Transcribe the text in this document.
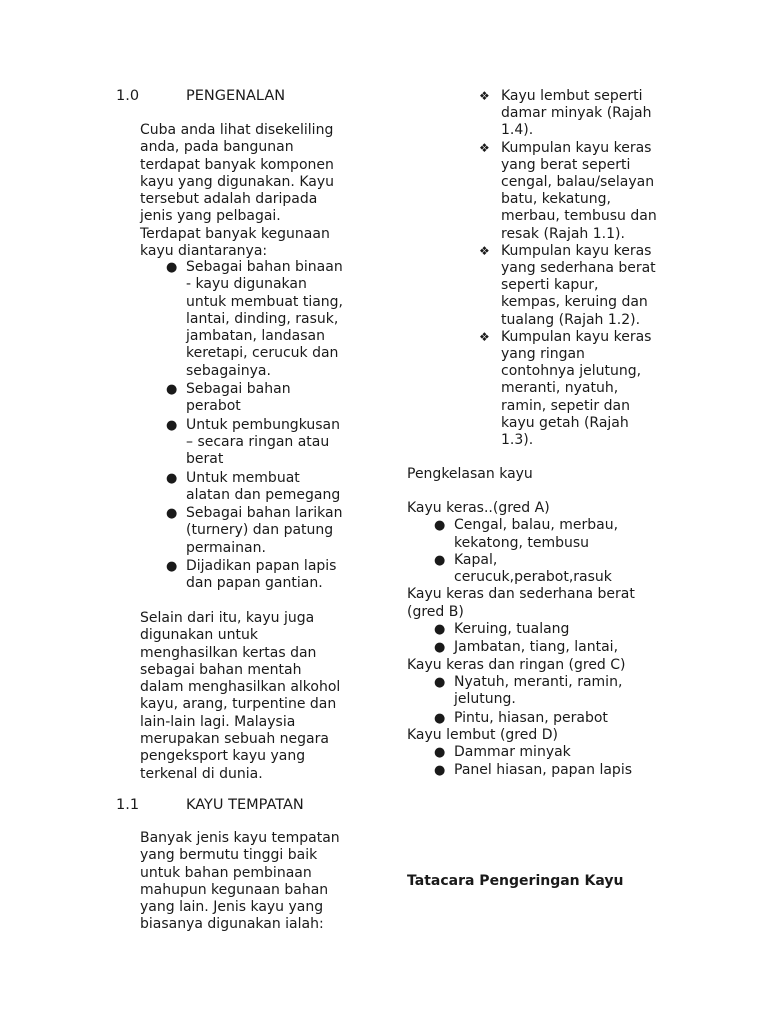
1.0	PENGENALAN

Cuba anda lihat disekeliling
anda, pada bangunan
terdapat banyak komponen
kayu yang digunakan. Kayu
tersebut adalah daripada
jenis yang pelbagai.
Terdapat banyak kegunaan
kayu diantaranya:

● Sebagai bahan binaan
- kayu digunakan
untuk membuat tiang,
lantai, dinding, rasuk,
jambatan, landasan
keretapi, cerucuk dan
sebagainya.
● Sebagai bahan
perabot
● Untuk pembungkusan
– secara ringan atau
berat
● Untuk membuat
alatan dan pemegang
● Sebagai bahan larikan
(turnery) dan patung
permainan.
● Dijadikan papan lapis
dan papan gantian.

Selain dari itu, kayu juga
digunakan untuk
menghasilkan kertas dan
sebagai bahan mentah
dalam menghasilkan alkohol
kayu, arang, turpentine dan
lain-lain lagi. Malaysia
merupakan sebuah negara
pengeksport kayu yang
terkenal di dunia.

1.1	KAYU TEMPATAN

Banyak jenis kayu tempatan
yang bermutu tinggi baik
untuk bahan pembinaan
mahupun kegunaan bahan
yang lain. Jenis kayu yang
biasanya digunakan ialah:

❖ Kayu lembut seperti
damar minyak (Rajah
1.4).
❖ Kumpulan kayu keras
yang berat seperti
cengal, balau/selayan
batu, kekatung,
merbau, tembusu dan
resak (Rajah 1.1).
❖ Kumpulan kayu keras
yang sederhana berat
seperti kapur,
kempas, keruing dan
tualang (Rajah 1.2).
❖ Kumpulan kayu keras
yang ringan
contohnya jelutung,
meranti, nyatuh,
ramin, sepetir dan
kayu getah (Rajah
1.3).

Pengkelasan kayu

Kayu keras..(gred A)

● Cengal, balau, merbau,
kekatong, tembusu
● Kapal,
cerucuk,perabot,rasuk

Kayu keras dan sederhana berat

(gred B)

● Keruing, tualang
● Jambatan, tiang, lantai,

Kayu keras dan ringan (gred C)

● Nyatuh, meranti, ramin,
jelutung.
● Pintu, hiasan, perabot

Kayu lembut (gred D)

● Dammar minyak
● Panel hiasan, papan lapis

Tatacara Pengeringan Kayu
